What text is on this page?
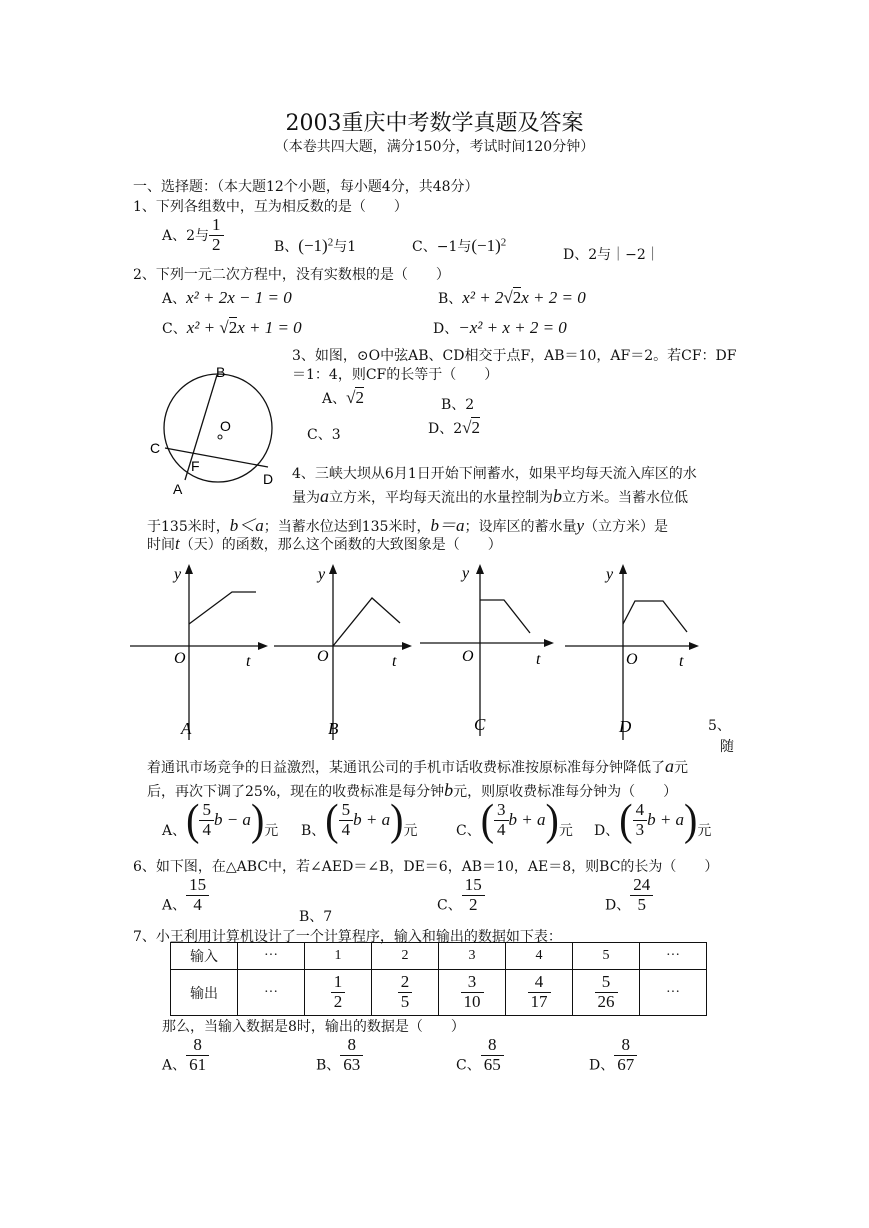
2003重庆中考数学真题及答案
（本卷共四大题，满分150分，考试时间120分钟）
一、选择题：（本大题12个小题，每小题4分，共48分）
1、下列各组数中，互为相反数的是（　　）
A、2与 $\frac{1}{2}$	B、$(-1)^2$与1	C、−1与$(-1)^2$
D、2与｜−2｜
2、下列一元二次方程中，没有实数根的是（　　）
A、x² + 2x − 1 = 0	B、x² + 2√2x + 2 = 0
C、x² + √2x + 1 = 0	D、−x² + x + 2 = 0
B
O
C
F
A
D
3、如图，⊙O中弦AB、CD相交于点F，AB＝10，AF＝2。若CF：DF
＝1：4，则CF的长等于（　　）
A、√2	B、2
C、3	D、2√2
4、三峡大坝从6月1日开始下闸蓄水，如果平均每天流入库区的水
量为a立方米，平均每天流出的水量控制为b立方米。当蓄水位低
于135米时，b＜a；当蓄水位达到135米时，b＝a；设库区的蓄水量y（立方米）是
时间t（天）的函数，那么这个函数的大致图象是（　　）
y
O	t
A
y
O	t
B
y
O	t
C
y
O	t
D	5、
随
着通讯市场竞争的日益激烈，某通讯公司的手机市话收费标准按原标准每分钟降低了a元
后，再次下调了25%，现在的收费标准是每分钟b元，则原收费标准每分钟为（　　）
A、( $\frac{5}{4}$ b − a)元 B、( $\frac{5}{4}$ b + a)元	C、( $\frac{3}{4}$ b + a)元 D、( $\frac{4}{3}$ b + a)元
6、如下图，在△ABC中，若∠AED＝∠B，DE＝6，AB＝10，AE＝8，则BC的长为（　　）
A、 $\frac{15}{4}$
B、7
C、 $\frac{15}{2}$	D、 $\frac{24}{5}$
7、小王利用计算机设计了一个计算程序，输入和输出的数据如下表：
输入	···	1	2	3	4	5	···
输出	···	$\frac{1}{2}$	$\frac{2}{5}$	$\frac{3}{10}$	$\frac{4}{17}$	$\frac{5}{26}$	···
那么，当输入数据是8时，输出的数据是（　　）
A、 $\frac{8}{61}$	B、 $\frac{8}{63}$	C、 $\frac{8}{65}$	D、 $\frac{8}{67}$
